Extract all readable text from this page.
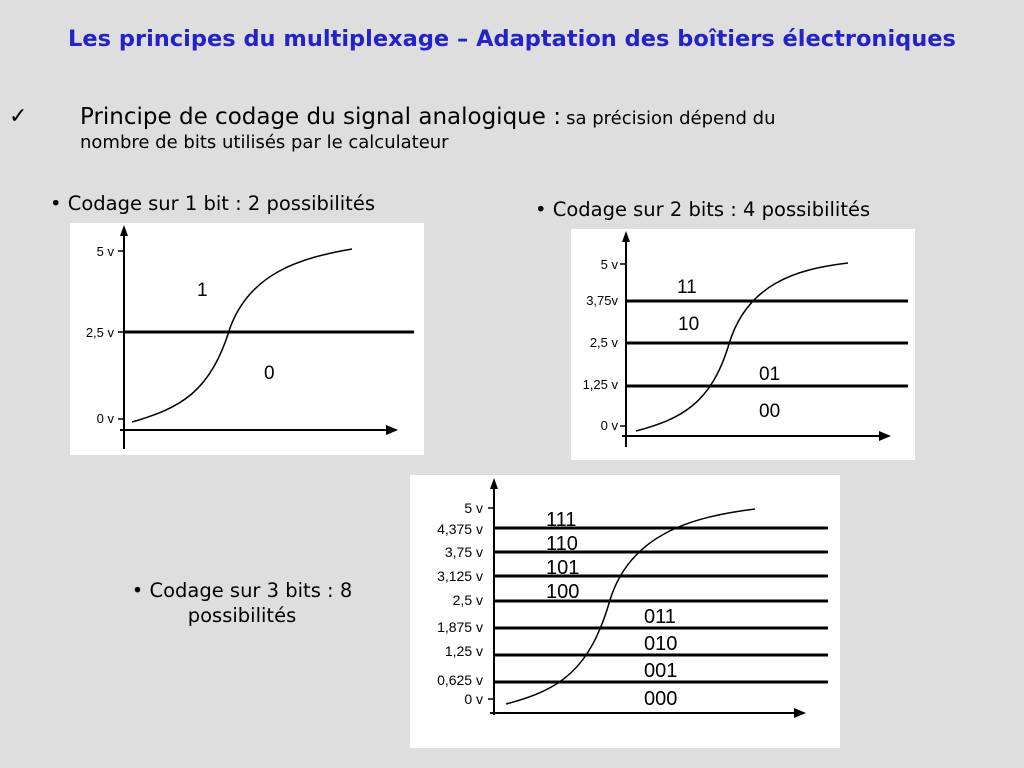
Les principes du multiplexage – Adaptation des boîtiers électroniques
✓ Principe de codage du signal analogique : sa précision dépend du
nombre de bits utilisés par le calculateur
• Codage sur 1 bit : 2 possibilités	• Codage sur 2 bits : 4 possibilités
• Codage sur 3 bits : 8
possibilités
5 v
2,5 v
0 v
1
0
5 v
3,75v
2,5 v
1,25 v
0 v
11
10
01
00
5 v
4,375 v
3,75 v
3,125 v
2,5 v
1,875 v
1,25 v
0,625 v
0 v
111
110
101
100
011
010
001
000
